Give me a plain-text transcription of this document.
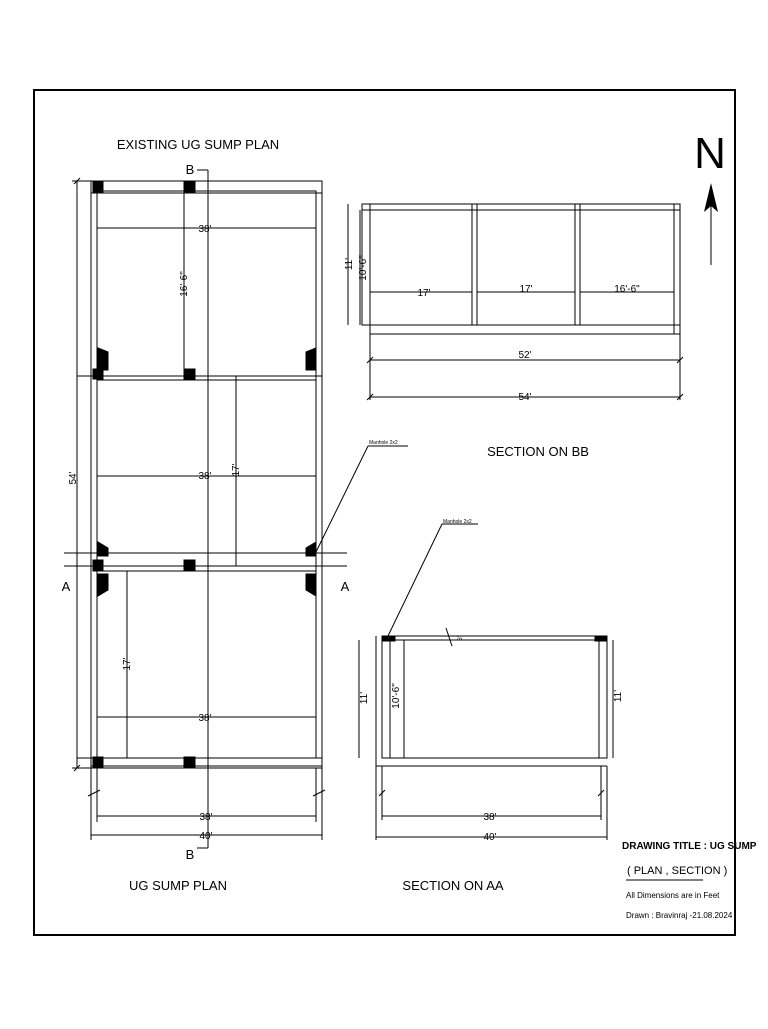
EXISTING UG SUMP PLAN
B
B
A	A
54'
38'
38'
38'
38'
40'
16'-6"
17'
17'
Manhole 2x2
UG SUMP PLAN
11' 10'-6"
17'	17'	16'-6"
52'
54'
SECTION ON BB
Manhole 2x2
6"
11' 10'-6"	11'
38'
40'
SECTION ON AA
N
DRAWING TITLE : UG SUMP
( PLAN , SECTION )
All Dimensions are in Feet
Drawn : Bravinraj -21.08.2024
